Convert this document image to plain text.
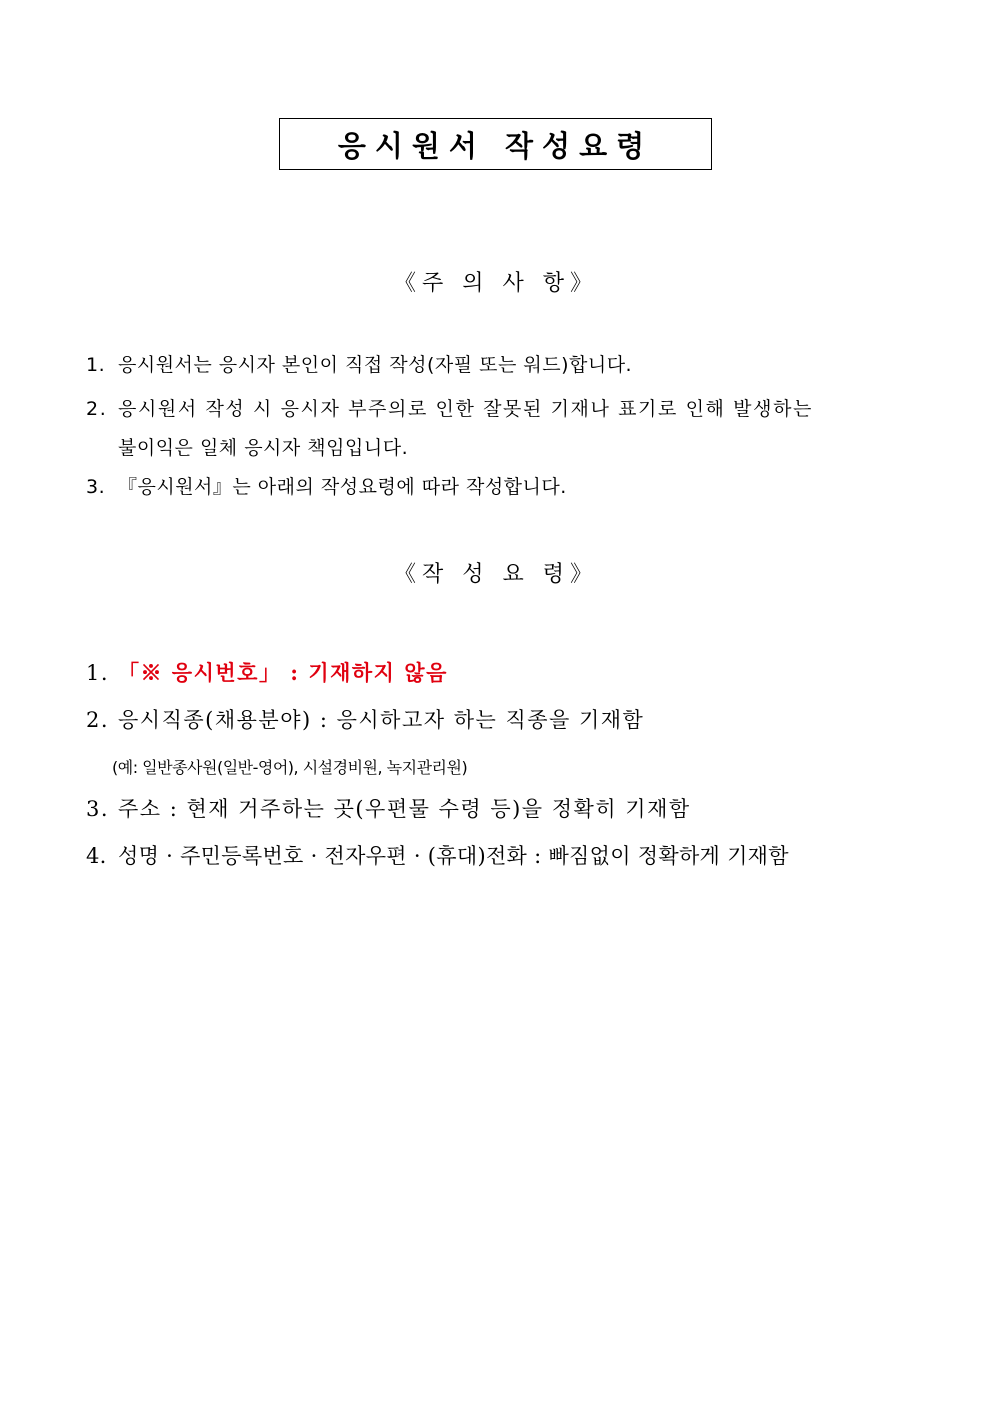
응시원서 작성요령
《주 의 사 항》
1. 응시원서는 응시자 본인이 직접 작성(자필 또는 워드)합니다.
2. 응시원서 작성 시 응시자 부주의로 인한 잘못된 기재나 표기로 인해 발생하는
불이익은 일체 응시자 책임입니다.
3. 『응시원서』는 아래의 작성요령에 따라 작성합니다.
《작 성 요 령》
1. 「※ 응시번호」 : 기재하지 않음
2. 응시직종(채용분야) : 응시하고자 하는 직종을 기재함
(예: 일반종사원(일반-영어), 시설경비원, 녹지관리원)
3. 주소 : 현재 거주하는 곳(우편물 수령 등)을 정확히 기재함
4. 성명 · 주민등록번호 · 전자우편 · (휴대)전화 : 빠짐없이 정확하게 기재함
